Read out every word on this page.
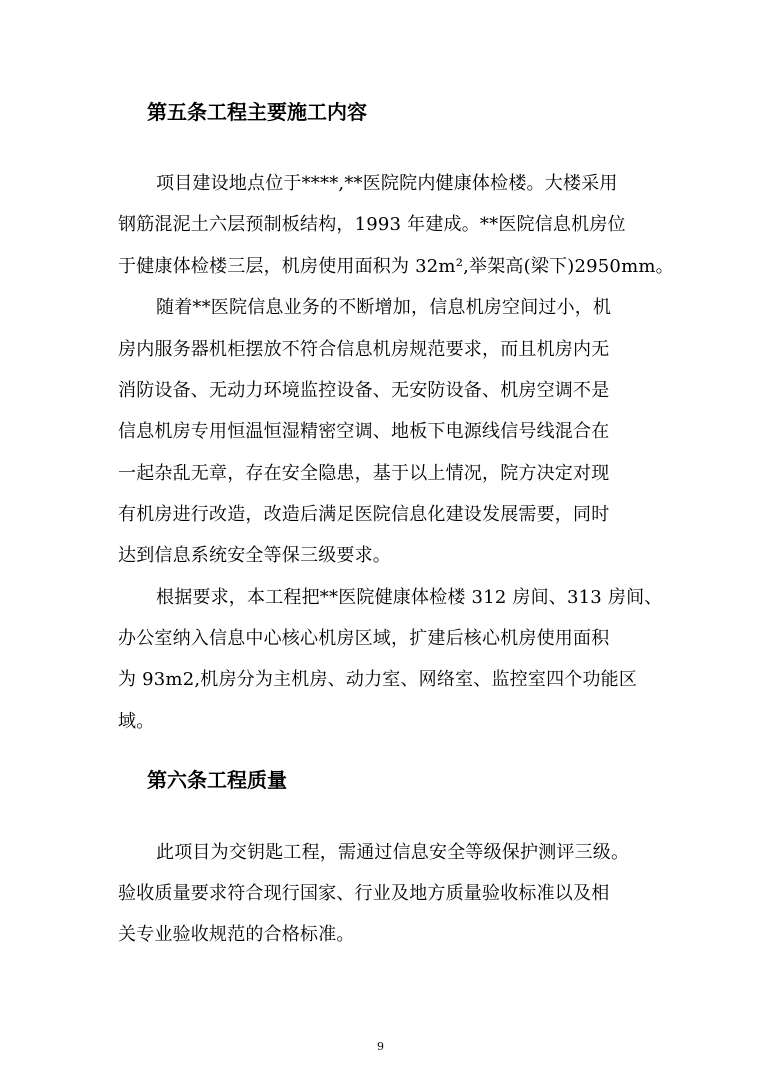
第五条工程主要施工内容
项目建设地点位于****,**医院院内健康体检楼。大楼采用
钢筋混泥土六层预制板结构，1993 年建成。**医院信息机房位
于健康体检楼三层，机房使用面积为 32m²,举架高(梁下)2950mm。
随着**医院信息业务的不断增加，信息机房空间过小，机
房内服务器机柜摆放不符合信息机房规范要求，而且机房内无
消防设备、无动力环境监控设备、无安防设备、机房空调不是
信息机房专用恒温恒湿精密空调、地板下电源线信号线混合在
一起杂乱无章，存在安全隐患，基于以上情况，院方决定对现
有机房进行改造，改造后满足医院信息化建设发展需要，同时
达到信息系统安全等保三级要求。
根据要求，本工程把**医院健康体检楼 312 房间、313 房间、
办公室纳入信息中心核心机房区域，扩建后核心机房使用面积
为 93m2,机房分为主机房、动力室、网络室、监控室四个功能区
域。
第六条工程质量
此项目为交钥匙工程，需通过信息安全等级保护测评三级。
验收质量要求符合现行国家、行业及地方质量验收标准以及相
关专业验收规范的合格标准。
9
